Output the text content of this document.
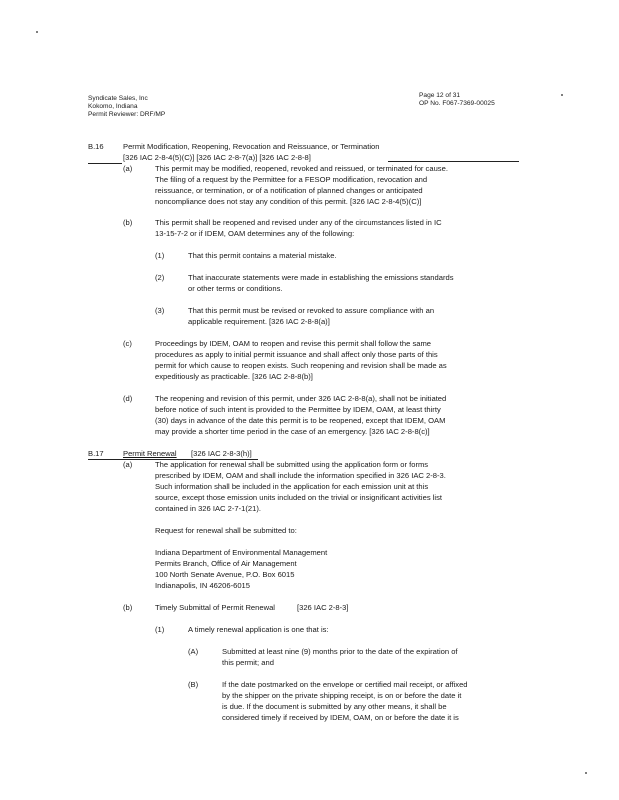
Syndicate Sales, Inc
Kokomo, Indiana
Permit Reviewer: DRF/MP
Page 12 of 31
OP No. F067-7369-00025
B.16	Permit Modification, Reopening, Revocation and Reissuance, or Termination
[326 IAC 2-8-4(5)(C)] [326 IAC 2-8-7(a)] [326 IAC 2-8-8]
(a)	This permit may be modified, reopened, revoked and reissued, or terminated for cause.
The filing of a request by the Permittee for a FESOP modification, revocation and
reissuance, or termination, or of a notification of planned changes or anticipated
noncompliance does not stay any condition of this permit. [326 IAC 2-8-4(5)(C)]
(b)	This permit shall be reopened and revised under any of the circumstances listed in IC
13-15-7-2 or if IDEM, OAM determines any of the following:
(1)	That this permit contains a material mistake.
(2)	That inaccurate statements were made in establishing the emissions standards
or other terms or conditions.
(3)	That this permit must be revised or revoked to assure compliance with an
applicable requirement. [326 IAC 2-8-8(a)]
(c)	Proceedings by IDEM, OAM to reopen and revise this permit shall follow the same
procedures as apply to initial permit issuance and shall affect only those parts of this
permit for which cause to reopen exists. Such reopening and revision shall be made as
expeditiously as practicable. [326 IAC 2-8-8(b)]
(d)	The reopening and revision of this permit, under 326 IAC 2-8-8(a), shall not be initiated
before notice of such intent is provided to the Permittee by IDEM, OAM, at least thirty
(30) days in advance of the date this permit is to be reopened, except that IDEM, OAM
may provide a shorter time period in the case of an emergency. [326 IAC 2-8-8(c)]
B.17	Permit Renewal [326 IAC 2-8-3(h)]
(a)	The application for renewal shall be submitted using the application form or forms
prescribed by IDEM, OAM and shall include the information specified in 326 IAC 2-8-3.
Such information shall be included in the application for each emission unit at this
source, except those emission units included on the trivial or insignificant activities list
contained in 326 IAC 2-7-1(21).
Request for renewal shall be submitted to:
Indiana Department of Environmental Management
Permits Branch, Office of Air Management
100 North Senate Avenue, P.O. Box 6015
Indianapolis, IN 46206-6015
(b)	Timely Submittal of Permit Renewal	[326 IAC 2-8-3]
(1)	A timely renewal application is one that is:
(A)	Submitted at least nine (9) months prior to the date of the expiration of
this permit; and
(B)	If the date postmarked on the envelope or certified mail receipt, or affixed
by the shipper on the private shipping receipt, is on or before the date it
is due. If the document is submitted by any other means, it shall be
considered timely if received by IDEM, OAM, on or before the date it is
